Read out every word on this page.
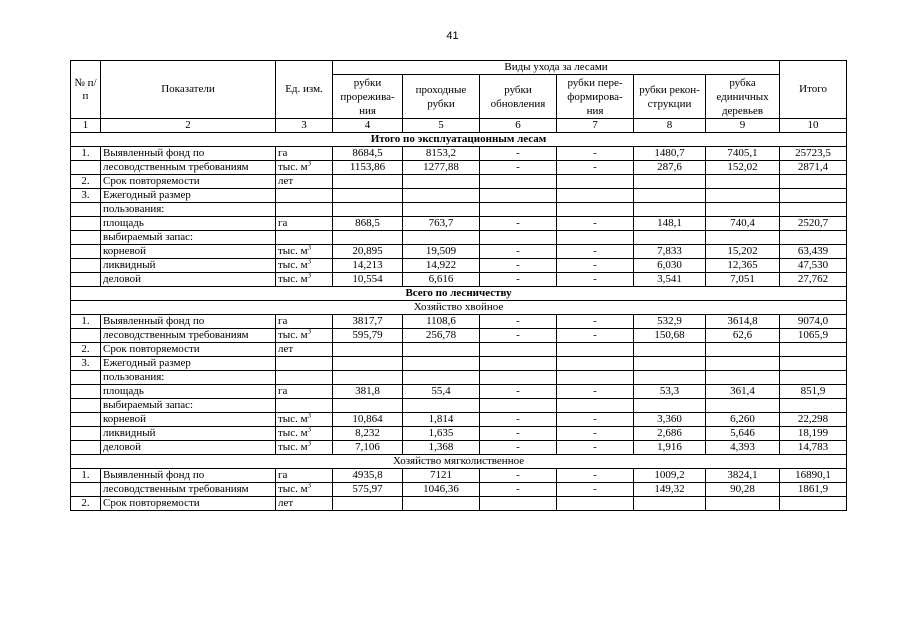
41
№ п/п	Показатели	Ед. изм.	Виды ухода за лесами						Итого
			рубки прорежива-ния	проходные рубки	рубки обновления	рубки пере-формирова-ния	рубки рекон-струкции	рубка единичных деревьев	
1	2	3	4	5	6	7	8	9	10
Итого по эксплуатационным лесам									
1.	Выявленный фонд по	га	8684,5	8153,2	-	-	1480,7	7405,1	25723,5
	лесоводственным требованиям	тыс. $м^3$	1153,86	1277,88	-	-	287,6	152,02	2871,4
2.	Срок повторяемости	лет							
3.	Ежегодный размер								
	пользования:								
	площадь	га	868,5	763,7	-	-	148,1	740,4	2520,7
	выбираемый запас:								
	корневой	тыс. $м^3$	20,895	19,509	-	-	7,833	15,202	63,439
	ликвидный	тыс. $м^3$	14,213	14,922	-	-	6,030	12,365	47,530
	деловой	тыс. $м^3$	10,554	6,616	-	-	3,541	7,051	27,762
Всего по лесничеству									
Хозяйство хвойное									
1.	Выявленный фонд по	га	3817,7	1108,6	-	-	532,9	3614,8	9074,0
	лесоводственным требованиям	тыс. $м^3$	595,79	256,78	-	-	150,68	62,6	1065,9
2.	Срок повторяемости	лет							
3.	Ежегодный размер								
	пользования:								
	площадь	га	381,8	55,4	-	-	53,3	361,4	851,9
	выбираемый запас:								
	корневой	тыс. $м^3$	10,864	1,814	-	-	3,360	6,260	22,298
	ликвидный	тыс. $м^3$	8,232	1,635	-	-	2,686	5,646	18,199
	деловой	тыс. $м^3$	7,106	1,368	-	-	1,916	4,393	14,783
Хозяйство мягколиственное									
1.	Выявленный фонд по	га	4935,8	7121	-	-	1009,2	3824,1	16890,1
	лесоводственным требованиям	тыс. $м^3$	575,97	1046,36	-	-	149,32	90,28	1861,9
2.	Срок повторяемости	лет							
